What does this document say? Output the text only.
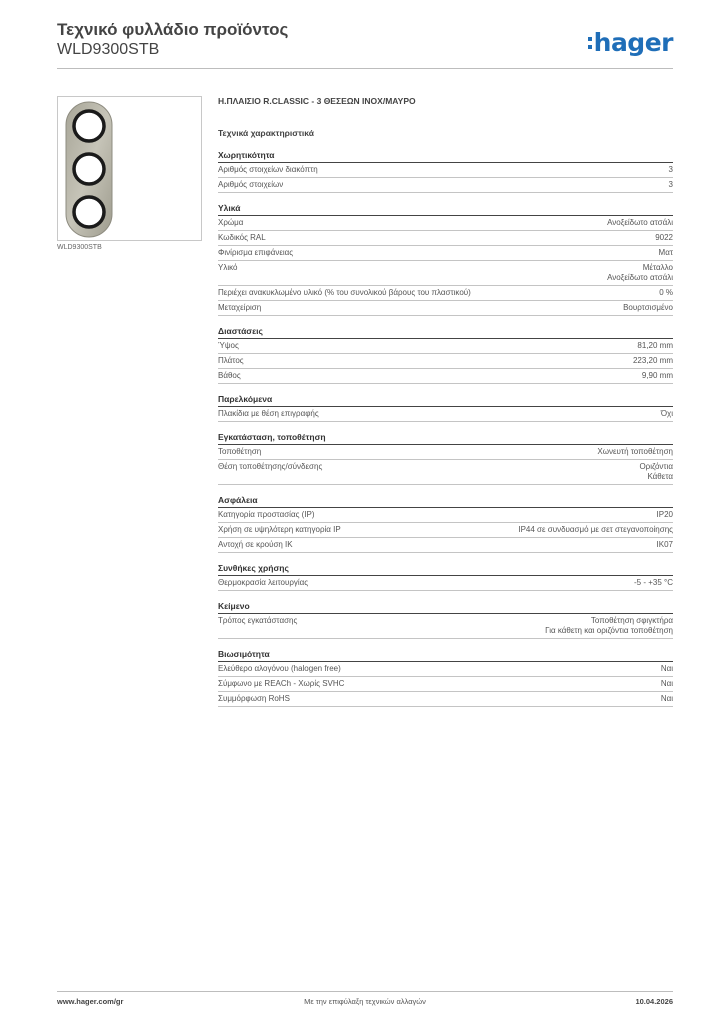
Τεχνικό φυλλάδιο προϊόντος
WLD9300STB	hager
WLD9300STB
Η.ΠΛΑΙΣΙΟ R.CLASSIC - 3 ΘΕΣΕΩΝ ΙΝΟΧ/ΜΑΥΡΟ
Τεχνικά χαρακτηριστικά
Χωρητικότητα
Αριθμός στοιχείων διακόπτη	3
Αριθμός στοιχείων	3
Υλικά
Χρώμα	Ανοξείδωτο ατσάλι
Κωδικός RAL	9022
Φινίρισμα επιφάνειας	Ματ
Υλικό	Μέταλλο
Ανοξείδωτο ατσάλι
Περιέχει ανακυκλωμένο υλικό (% του συνολικού βάρους του πλαστικού)	0 %
Μεταχείριση	Βουρτσισμένο
Διαστάσεις
Ύψος	81,20 mm
Πλάτος	223,20 mm
Βάθος	9,90 mm
Παρελκόμενα
Πλακίδια με θέση επιγραφής	Όχι
Εγκατάσταση, τοποθέτηση
Τοποθέτηση	Χωνευτή τοποθέτηση
Θέση τοποθέτησης/σύνδεσης	Οριζόντια
Κάθετα
Ασφάλεια
Κατηγορία προστασίας (IP)	IP20
Χρήση σε υψηλότερη κατηγορία IP	IP44 σε συνδυασμό με σετ στεγανοποίησης
Αντοχή σε κρούση IK	IK07
Συνθήκες χρήσης
Θερμοκρασία λειτουργίας	-5 - +35 °C
Κείμενο
Τρόπος εγκατάστασης	Τοποθέτηση σφιγκτήρα
Για κάθετη και οριζόντια τοποθέτηση
Βιωσιμότητα
Ελεύθερο αλογόνου (halogen free)	Ναι
Σύμφωνο με REACh - Χωρίς SVHC	Ναι
Συμμόρφωση RoHS	Ναι
www.hager.com/gr	Με την επιφύλαξη τεχνικών αλλαγών	10.04.2026
